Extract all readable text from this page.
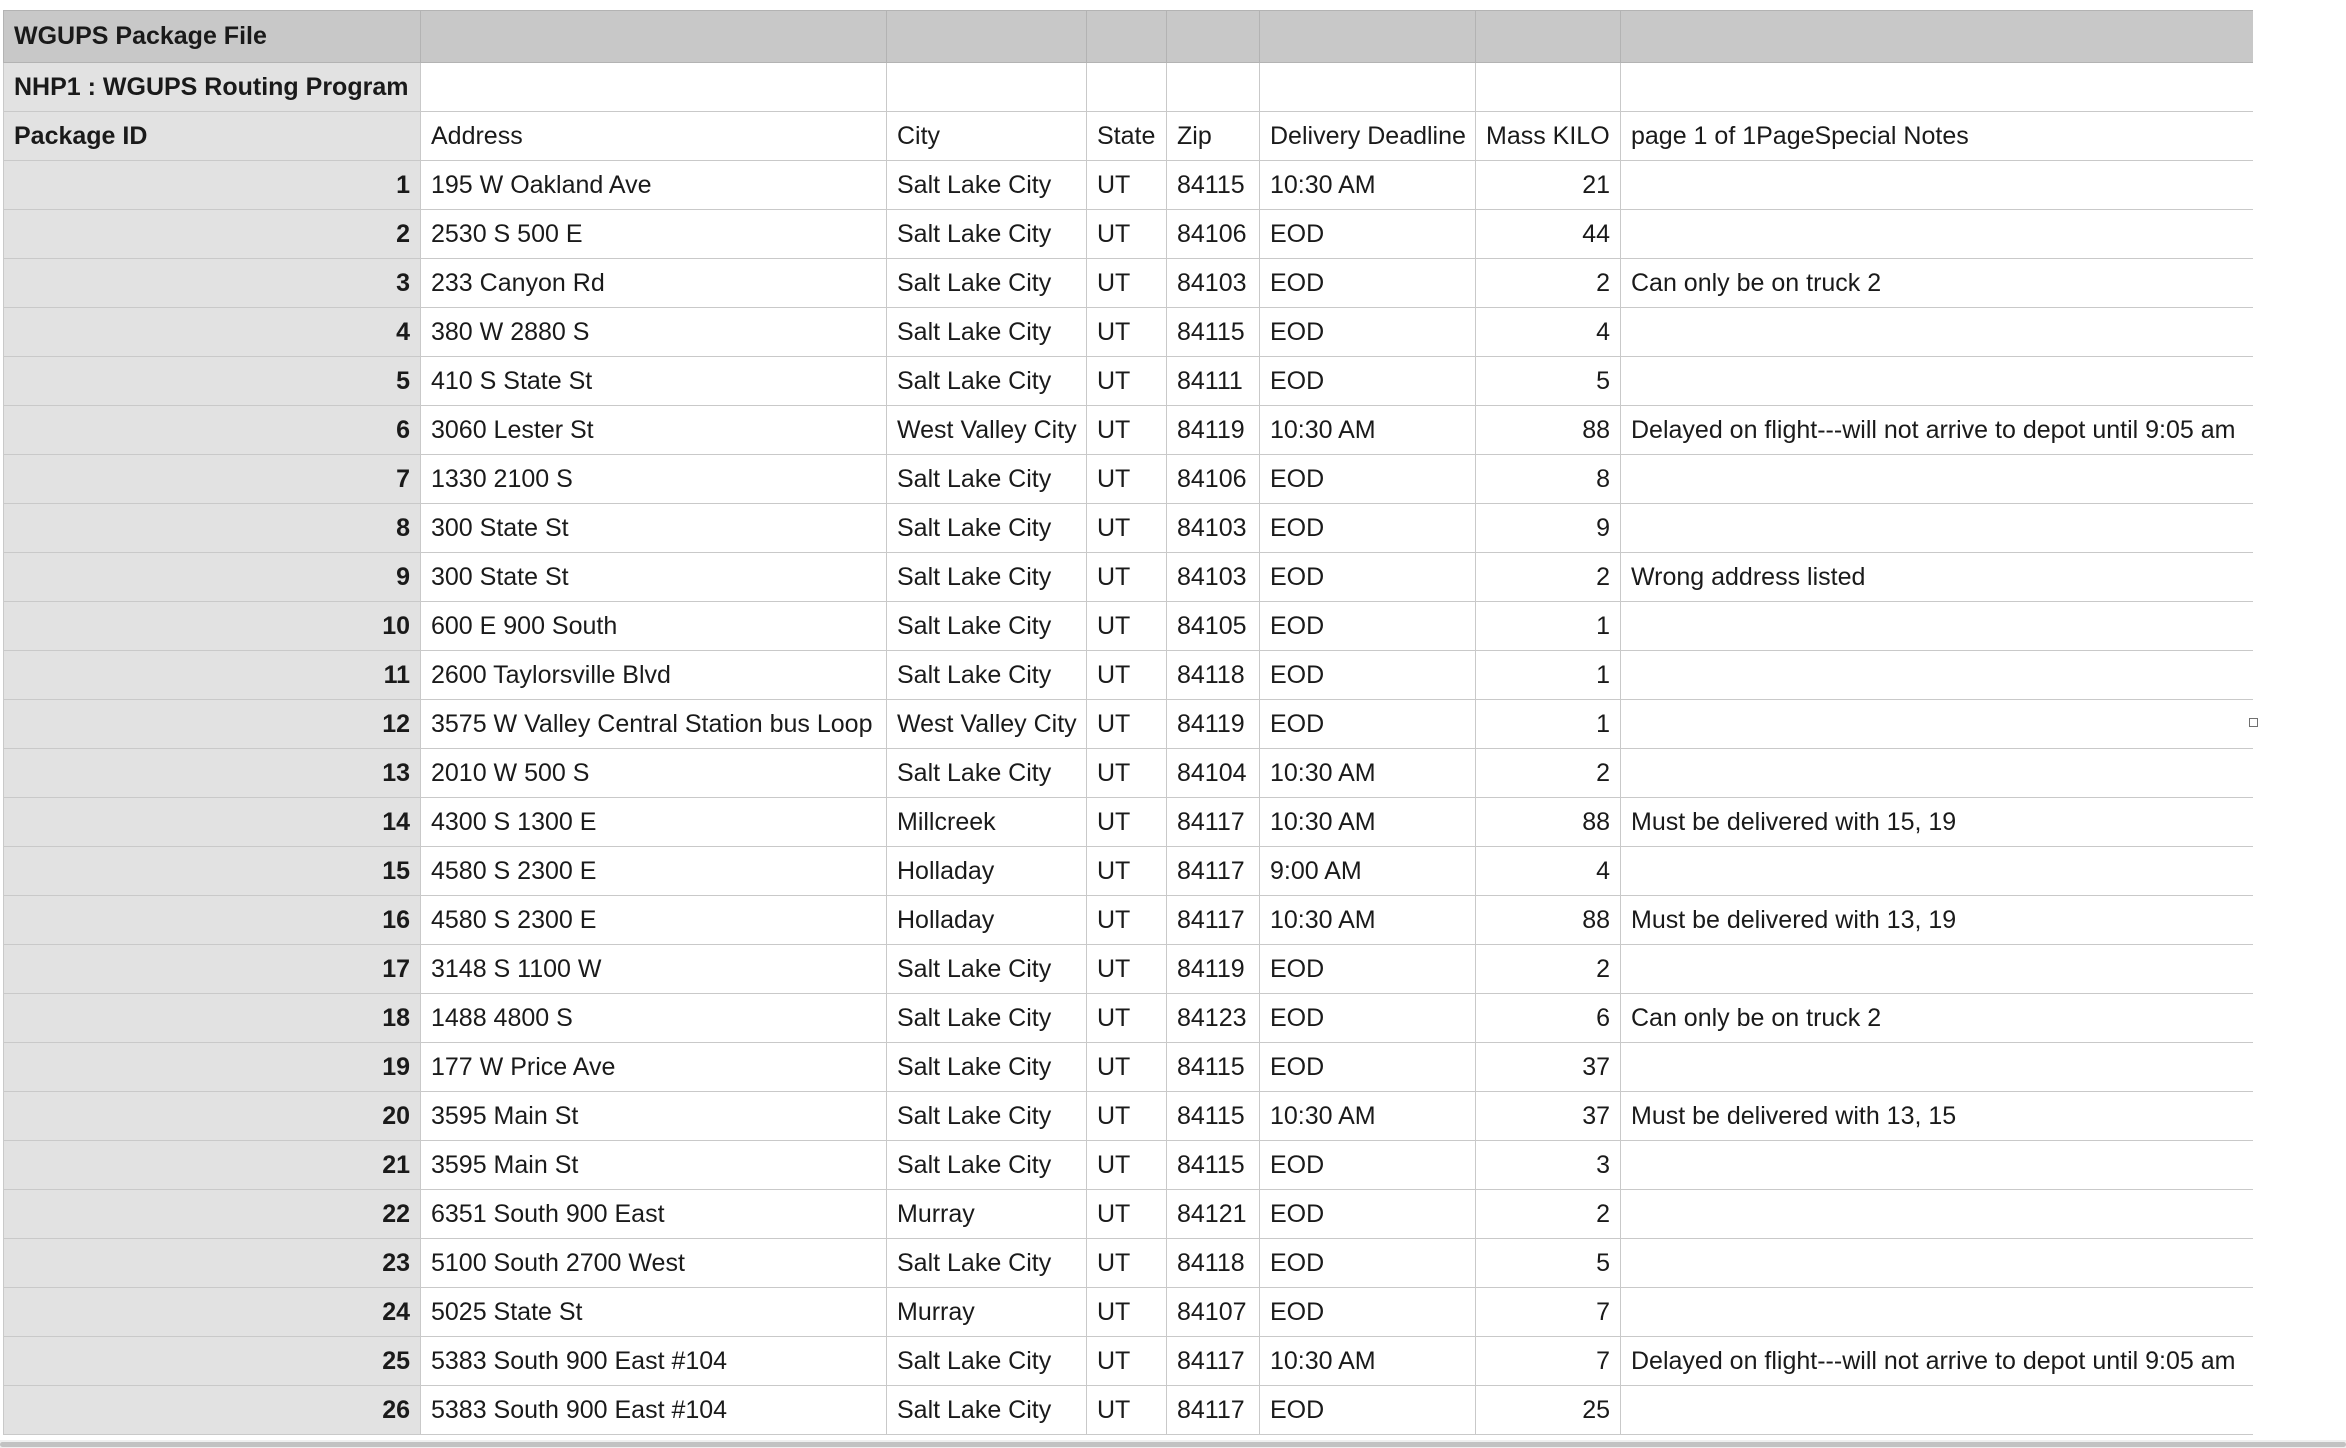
WGUPS Package File							
NHP1 : WGUPS Routing Program							
Package ID	Address	City	State	Zip	Delivery Deadline	Mass KILO	page 1 of 1PageSpecial Notes
1	195 W Oakland Ave	Salt Lake City	UT	84115	10:30 AM	21	
2	2530 S 500 E	Salt Lake City	UT	84106	EOD	44	
3	233 Canyon Rd	Salt Lake City	UT	84103	EOD	2	Can only be on truck 2
4	380 W 2880 S	Salt Lake City	UT	84115	EOD	4	
5	410 S State St	Salt Lake City	UT	84111	EOD	5	
6	3060 Lester St	West Valley City	UT	84119	10:30 AM	88	Delayed on flight---will not arrive to depot until 9:05 am
7	1330 2100 S	Salt Lake City	UT	84106	EOD	8	
8	300 State St	Salt Lake City	UT	84103	EOD	9	
9	300 State St	Salt Lake City	UT	84103	EOD	2	Wrong address listed
10	600 E 900 South	Salt Lake City	UT	84105	EOD	1	
11	2600 Taylorsville Blvd	Salt Lake City	UT	84118	EOD	1	
12	3575 W Valley Central Station bus Loop	West Valley City	UT	84119	EOD	1	
13	2010 W 500 S	Salt Lake City	UT	84104	10:30 AM	2	
14	4300 S 1300 E	Millcreek	UT	84117	10:30 AM	88	Must be delivered with 15, 19
15	4580 S 2300 E	Holladay	UT	84117	9:00 AM	4	
16	4580 S 2300 E	Holladay	UT	84117	10:30 AM	88	Must be delivered with 13, 19
17	3148 S 1100 W	Salt Lake City	UT	84119	EOD	2	
18	1488 4800 S	Salt Lake City	UT	84123	EOD	6	Can only be on truck 2
19	177 W Price Ave	Salt Lake City	UT	84115	EOD	37	
20	3595 Main St	Salt Lake City	UT	84115	10:30 AM	37	Must be delivered with 13, 15
21	3595 Main St	Salt Lake City	UT	84115	EOD	3	
22	6351 South 900 East	Murray	UT	84121	EOD	2	
23	5100 South 2700 West	Salt Lake City	UT	84118	EOD	5	
24	5025 State St	Murray	UT	84107	EOD	7	
25	5383 South 900 East #104	Salt Lake City	UT	84117	10:30 AM	7	Delayed on flight---will not arrive to depot until 9:05 am
26	5383 South 900 East #104	Salt Lake City	UT	84117	EOD	25	
